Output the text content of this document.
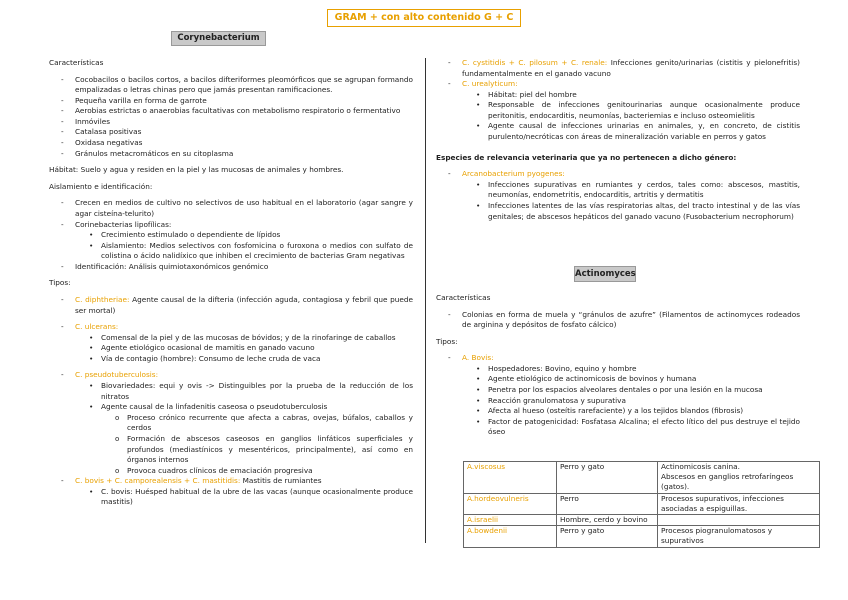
GRAM + con alto contenido G + C
Corynebacterium

Características

- Cocobacilos o bacilos cortos, a bacilos difteriformes pleomórficos que se agrupan formando empalizadas o letras chinas pero que jamás presentan ramificaciones.
- Pequeña varilla en forma de garrote
- Aerobias estrictas o anaerobias facultativas con metabolismo respiratorio o fermentativo
- Inmóviles
- Catalasa positivas
- Oxidasa negativas
- Gránulos metacromáticos en su citoplasma

Hábitat: Suelo y agua y residen en la piel y las mucosas de animales y hombres.

Aislamiento e identificación:

- Crecen en medios de cultivo no selectivos de uso habitual en el laboratorio (agar sangre y agar cisteína-telurito)
- Corinebacterias lipofílicas:
• Crecimiento estimulado o dependiente de lípidos
• Aislamiento: Medios selectivos con fosfomicina o furoxona o medios con sulfato de colistina o ácido nalidíxico que inhiben el crecimiento de bacterias Gram negativas
- Identificación: Análisis quimiotaxonómicos genómico

Tipos:

- C. diphtheriae: Agente causal de la difteria (infección aguda, contagiosa y febril que puede ser mortal)
- C. ulcerans:
• Comensal de la piel y de las mucosas de bóvidos; y de la rinofaringe de caballos
• Agente etiológico ocasional de mamitis en ganado vacuno
• Vía de contagio (hombre): Consumo de leche cruda de vaca
- C. pseudotuberculosis:
• Biovariedades: equi y ovis -> Distinguibles por la prueba de la reducción de los nitratos
• Agente causal de la linfadenitis caseosa o pseudotuberculosis
o Proceso crónico recurrente que afecta a cabras, ovejas, búfalos, caballos y cerdos
o Formación de abscesos caseosos en ganglios linfáticos superficiales y profundos (mediastínicos y mesentéricos, principalmente), así como en órganos internos
o Provoca cuadros clínicos de emaciación progresiva
- C. bovis + C. camporealensis + C. mastitidis: Mastitis de rumiantes
• C. bovis: Huésped habitual de la ubre de las vacas (aunque ocasionalmente produce mastitis)
- C. cystitidis + C. pilosum + C. renale: Infecciones genito/urinarias (cistitis y pielonefritis) fundamentalmente en el ganado vacuno
- C. urealyticum:
• Hábitat: piel del hombre
• Responsable de infecciones genitourinarias aunque ocasionalmente produce peritonitis, endocarditis, neumonías, bacteriemias e incluso osteomielitis
• Agente causal de infecciones urinarias en animales, y, en concreto, de cistitis purulento/necróticas con áreas de mineralización variable en perros y gatos

Especies de relevancia veterinaria que ya no pertenecen a dicho género:

- Arcanobacterium pyogenes:
• Infecciones supurativas en rumiantes y cerdos, tales como: abscesos, mastitis, neumonías, endometritis, endocarditis, artritis y dermatitis
• Infecciones latentes de las vías respiratorias altas, del tracto intestinal y de las vías genitales; de abscesos hepáticos del ganado vacuno (Fusobacterium necrophorum)
Actinomyces

Características

- Colonias en forma de muela y “gránulos de azufre” (Filamentos de actinomyces rodeados de arginina y depósitos de fosfato cálcico)

Tipos:

- A. Bovis:
• Hospedadores: Bovino, equino y hombre
• Agente etiológico de actinomicosis de bovinos y humana
• Penetra por los espacios alveolares dentales o por una lesión en la mucosa
• Reacción granulomatosa y supurativa
• Afecta al hueso (osteítis rarefaciente) y a los tejidos blandos (fibrosis)
• Factor de patogenicidad: Fosfatasa Alcalina; el efecto lítico del pus destruye el tejido óseo
A.viscosus	Perro y gato	Actinomicosis canina.
Abscesos en ganglios retrofaríngeos (gatos).

A.hordeovulneris	Perro	Procesos supurativos, infecciones asociadas a espiguillas.
A.israelii	Hombre, cerdo y bovino	
A.bowdenii	Perro y gato	Procesos piogranulomatosos y supurativos
